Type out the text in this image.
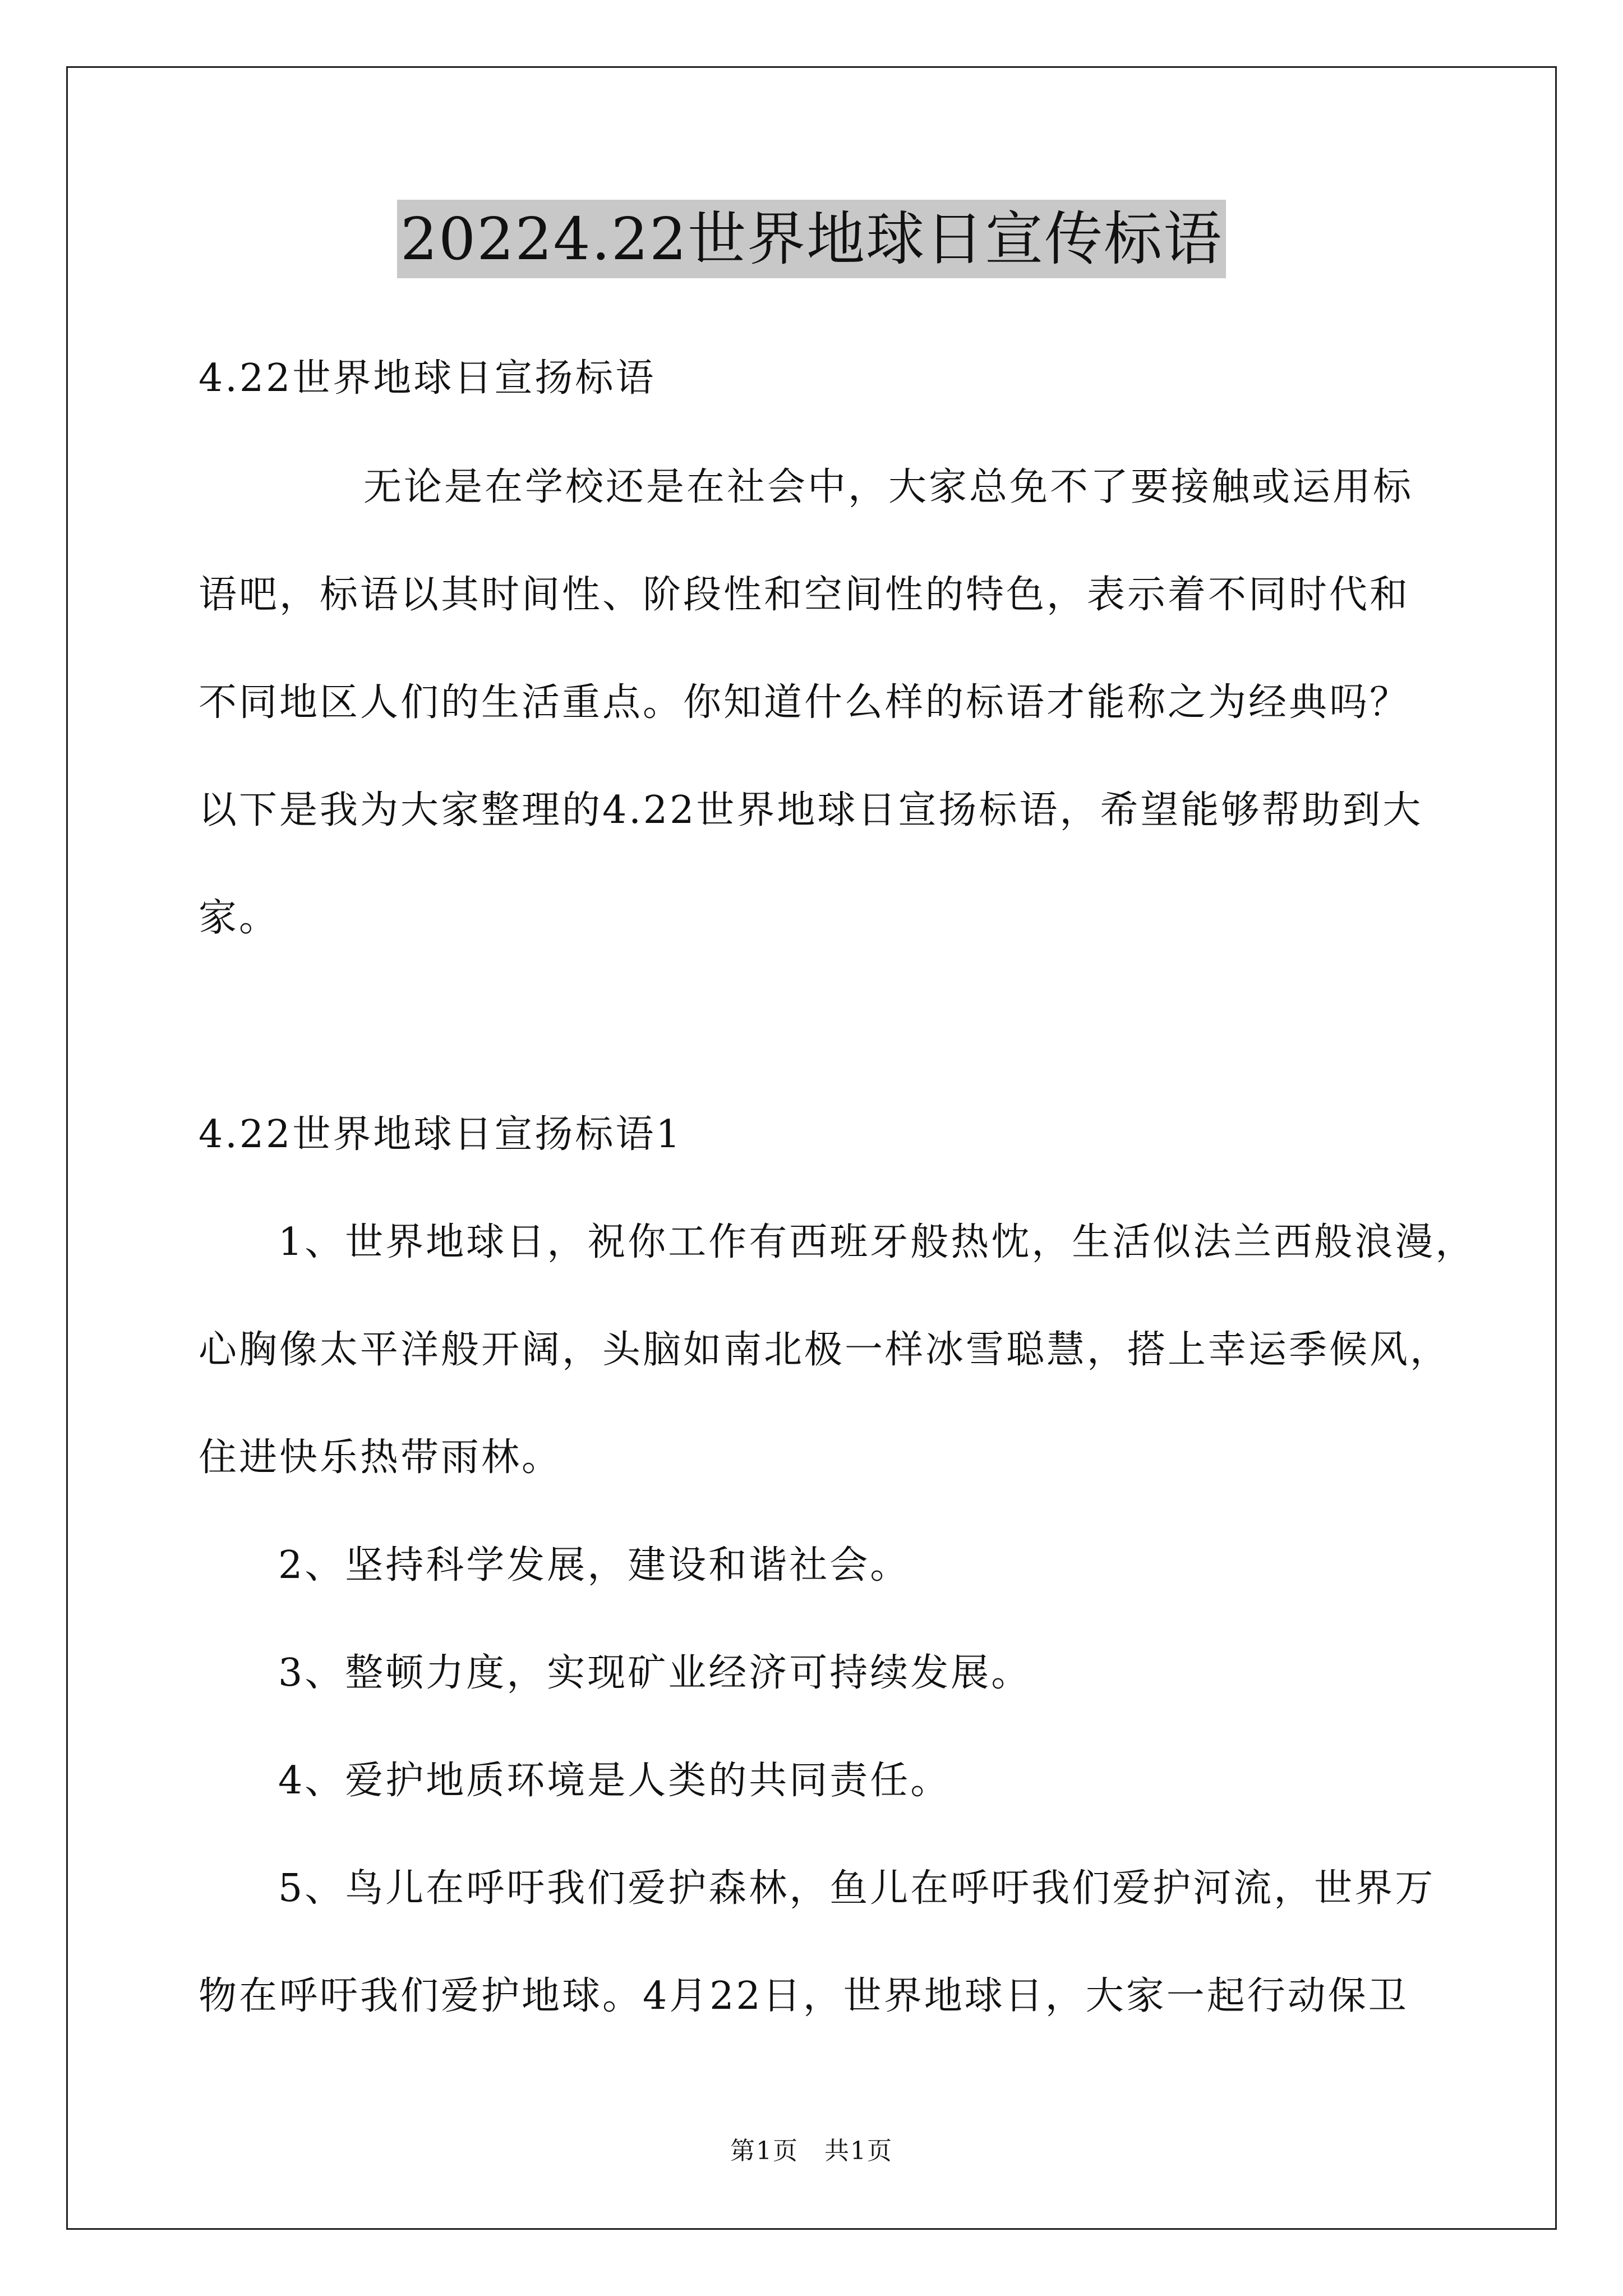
20224.22世界地球日宣传标语
4.22世界地球日宣扬标语
无论是在学校还是在社会中，大家总免不了要接触或运用标
语吧，标语以其时间性、阶段性和空间性的特色，表示着不同时代和
不同地区人们的生活重点。你知道什么样的标语才能称之为经典吗？
以下是我为大家整理的4.22世界地球日宣扬标语，希望能够帮助到大
家。
4.22世界地球日宣扬标语1
1、世界地球日，祝你工作有西班牙般热忱，生活似法兰西般浪漫，
心胸像太平洋般开阔，头脑如南北极一样冰雪聪慧，搭上幸运季候风，
住进快乐热带雨林。
2、坚持科学发展，建设和谐社会。
3、整顿力度，实现矿业经济可持续发展。
4、爱护地质环境是人类的共同责任。
5、鸟儿在呼吁我们爱护森林，鱼儿在呼吁我们爱护河流，世界万
物在呼吁我们爱护地球。4月22日，世界地球日，大家一起行动保卫
第1页　共1页
